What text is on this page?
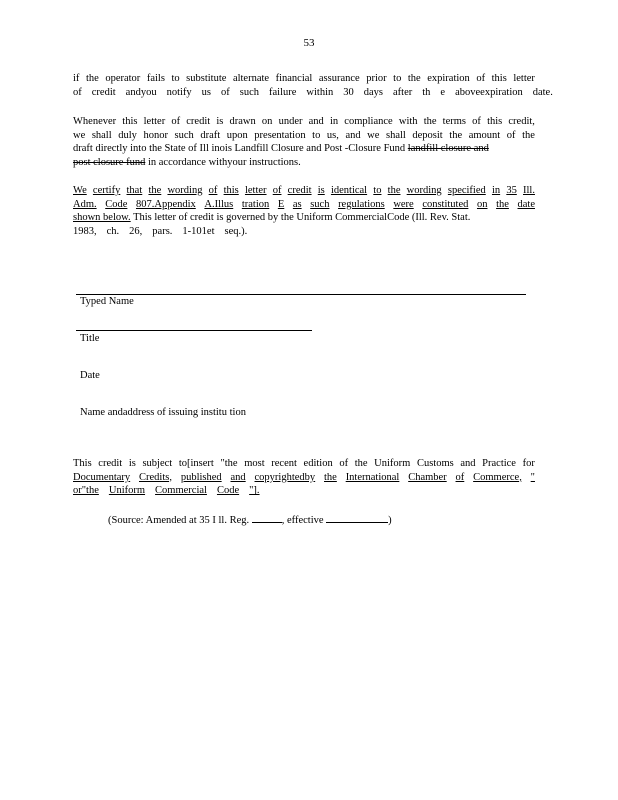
53
if the operator fails to substitute alternate financial assurance prior to the expiration of this letter
of credit andyou notify us of such failure within 30 days after th e aboveexpiration date.
Whenever this letter of credit is drawn on under and in compliance with the terms of this credit,
we shall duly honor such draft upon presentation to us, and we shall deposit the amount of the
draft directly into the State of Ill inois Landfill Closure and Post -Closure Fund landfill closure and
post closure fund in accordance withyour instructions.
We certify that the wording of this letter of credit is identical to the wording specified in 35 Ill.
Adm. Code 807.Appendix A.Illus tration E as such regulations were constituted on the date
shown below. This letter of credit is governed by the Uniform CommercialCode (Ill. Rev. Stat.
1983, ch. 26, pars. 1-101et seq.).
Typed Name
Title
Date
Name andaddress of issuing institu tion
This credit is subject to[insert "the most recent edition of the Uniform Customs and Practice for
Documentary Credits, published and copyrightedby the International Chamber of Commerce, "
or"the Uniform Commercial Code "].
(Source: Amended at 35 I ll. Reg.	, effective	)
